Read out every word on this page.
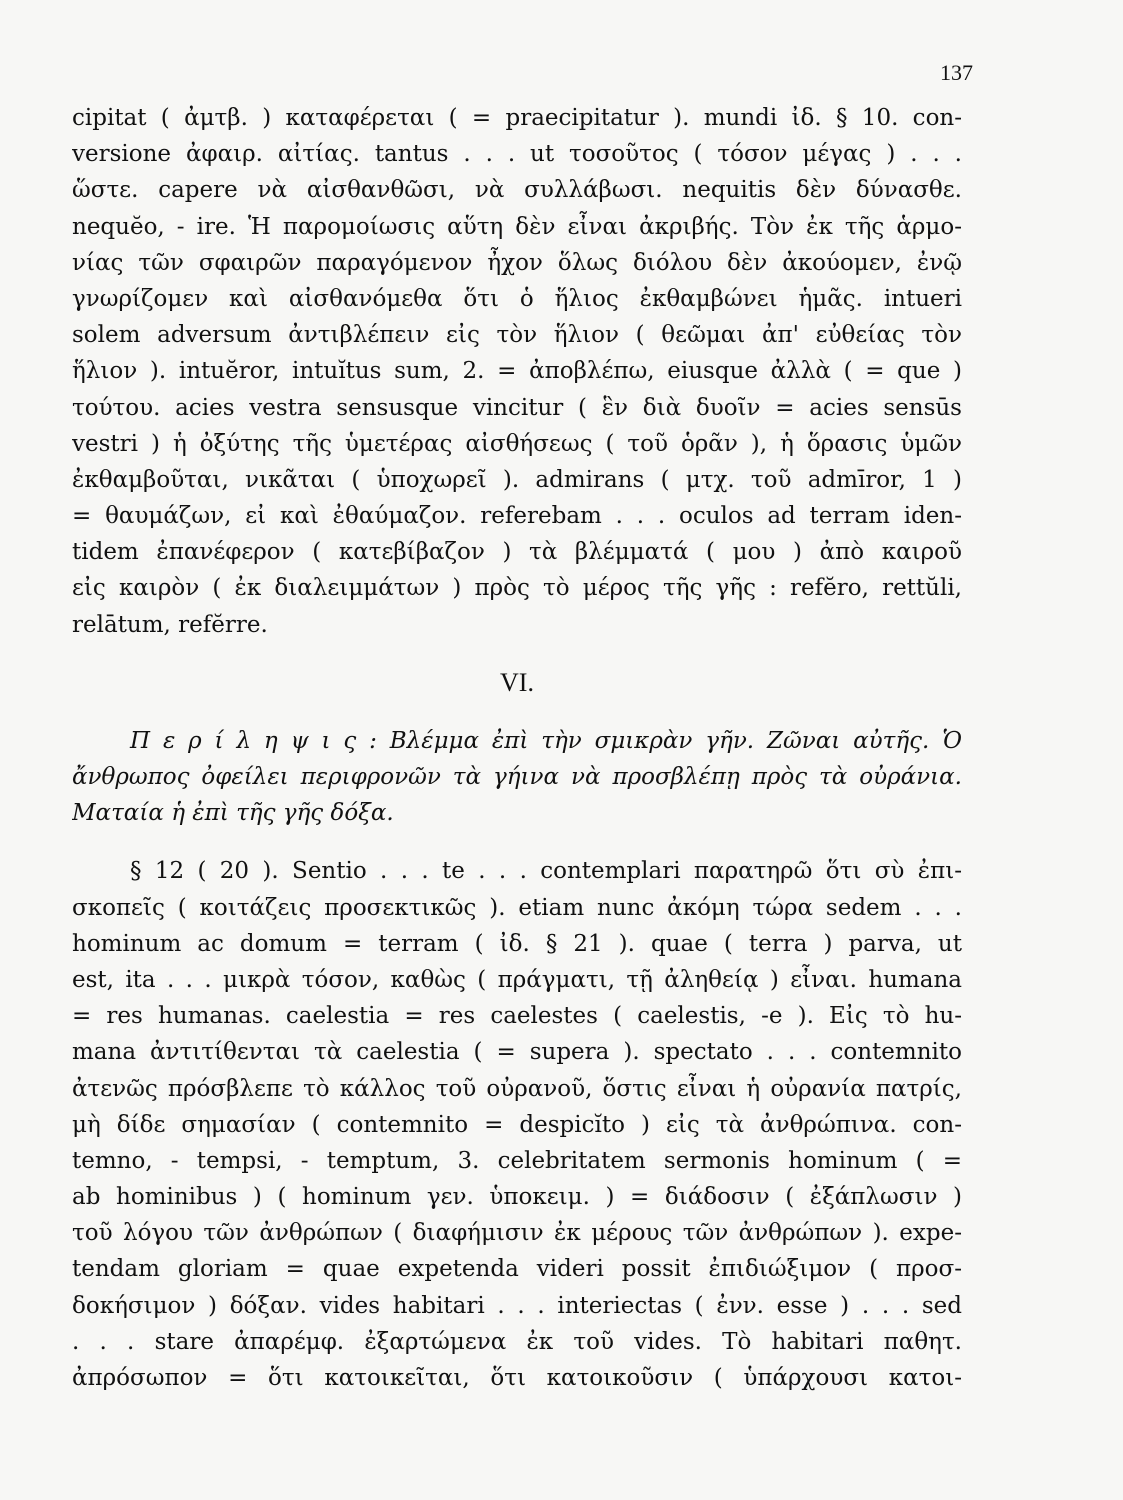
137

cipitat ( ἀμτβ. ) καταφέρεται ( = praecipitatur ). mundi ἰδ. § 10. con-

versione ἀφαιρ. αἰτίας. tantus . . . ut τοσοῦτος ( τόσον μέγας ) . . .

ὥστε. capere νὰ αἰσθανθῶσι, νὰ συλλάβωσι. nequitis δὲν δύνασθε.

nequĕo, - ire. Ἡ παρομοίωσις αὕτη δὲν εἶναι ἀκριβής. Τὸν ἐκ τῆς ἁρμο-

νίας τῶν σφαιρῶν παραγόμενον ἦχον ὅλως διόλου δὲν ἀκούομεν, ἐνῷ

γνωρίζομεν καὶ αἰσθανόμεθα ὅτι ὁ ἥλιος ἐκθαμβώνει ἡμᾶς. intueri

solem adversum ἀντιβλέπειν εἰς τὸν ἥλιον ( θεῶμαι ἀπ' εὐθείας τὸν

ἥλιον ). intuĕror, intuĭtus sum, 2. = ἀποβλέπω, eiusque ἀλλὰ ( = que )

τούτου. acies vestra sensusque vincitur ( ἓν διὰ δυοῖν = acies sensūs

vestri ) ἡ ὀξύτης τῆς ὑμετέρας αἰσθήσεως ( τοῦ ὁρᾶν ), ἡ ὅρασις ὑμῶν

ἐκθαμβοῦται, νικᾶται ( ὑποχωρεῖ ). admirans ( μτχ. τοῦ admīror, 1 )

= θαυμάζων, εἰ καὶ ἐθαύμαζον. referebam . . . oculos ad terram iden-

tidem ἐπανέφερον ( κατεβίβαζον ) τὰ βλέμματά ( μου ) ἀπὸ καιροῦ

εἰς καιρὸν ( ἐκ διαλειμμάτων ) πρὸς τὸ μέρος τῆς γῆς : refĕro, rettŭli,

relātum, refĕrre.

VI.

Π ε ρ ί λ η ψ ι ς : Βλέμμα ἐπὶ τὴν σμικρὰν γῆν. Ζῶναι αὐτῆς. Ὁ

ἄνθρωπος ὀφείλει περιφρονῶν τὰ γήινα νὰ προσβλέπῃ πρὸς τὰ οὐράνια.

Ματαία ἡ ἐπὶ τῆς γῆς δόξα.

§ 12 ( 20 ). Sentio . . . te . . . contemplari παρατηρῶ ὅτι σὺ ἐπι-

σκοπεῖς ( κοιτάζεις προσεκτικῶς ). etiam nunc ἀκόμη τώρα sedem . . .

hominum ac domum = terram ( ἰδ. § 21 ). quae ( terra ) parva, ut

est, ita . . . μικρὰ τόσον, καθὼς ( πράγματι, τῇ ἀληθείᾳ ) εἶναι. humana

= res humanas. caelestia = res caelestes ( caelestis, -e ). Εἰς τὸ hu-

mana ἀντιτίθενται τὰ caelestia ( = supera ). spectato . . . contemnito

ἀτενῶς πρόσβλεπε τὸ κάλλος τοῦ οὐρανοῦ, ὅστις εἶναι ἡ οὐρανία πατρίς,

μὴ δίδε σημασίαν ( contemnito = despicĭto ) εἰς τὰ ἀνθρώπινα. con-

temno, - tempsi, - temptum, 3. celebritatem sermonis hominum ( =

ab hominibus ) ( hominum γεν. ὑποκειμ. ) = διάδοσιν ( ἐξάπλωσιν )

τοῦ λόγου τῶν ἀνθρώπων ( διαφήμισιν ἐκ μέρους τῶν ἀνθρώπων ). expe-

tendam gloriam = quae expetenda videri possit ἐπιδιώξιμον ( προσ-

δοκήσιμον ) δόξαν. vides habitari . . . interiectas ( ἐνν. esse ) . . . sed

. . . stare ἀπαρέμφ. ἐξαρτώμενα ἐκ τοῦ vides. Τὸ habitari παθητ.

ἀπρόσωπον = ὅτι κατοικεῖται, ὅτι κατοικοῦσιν ( ὑπάρχουσι κατοι-
